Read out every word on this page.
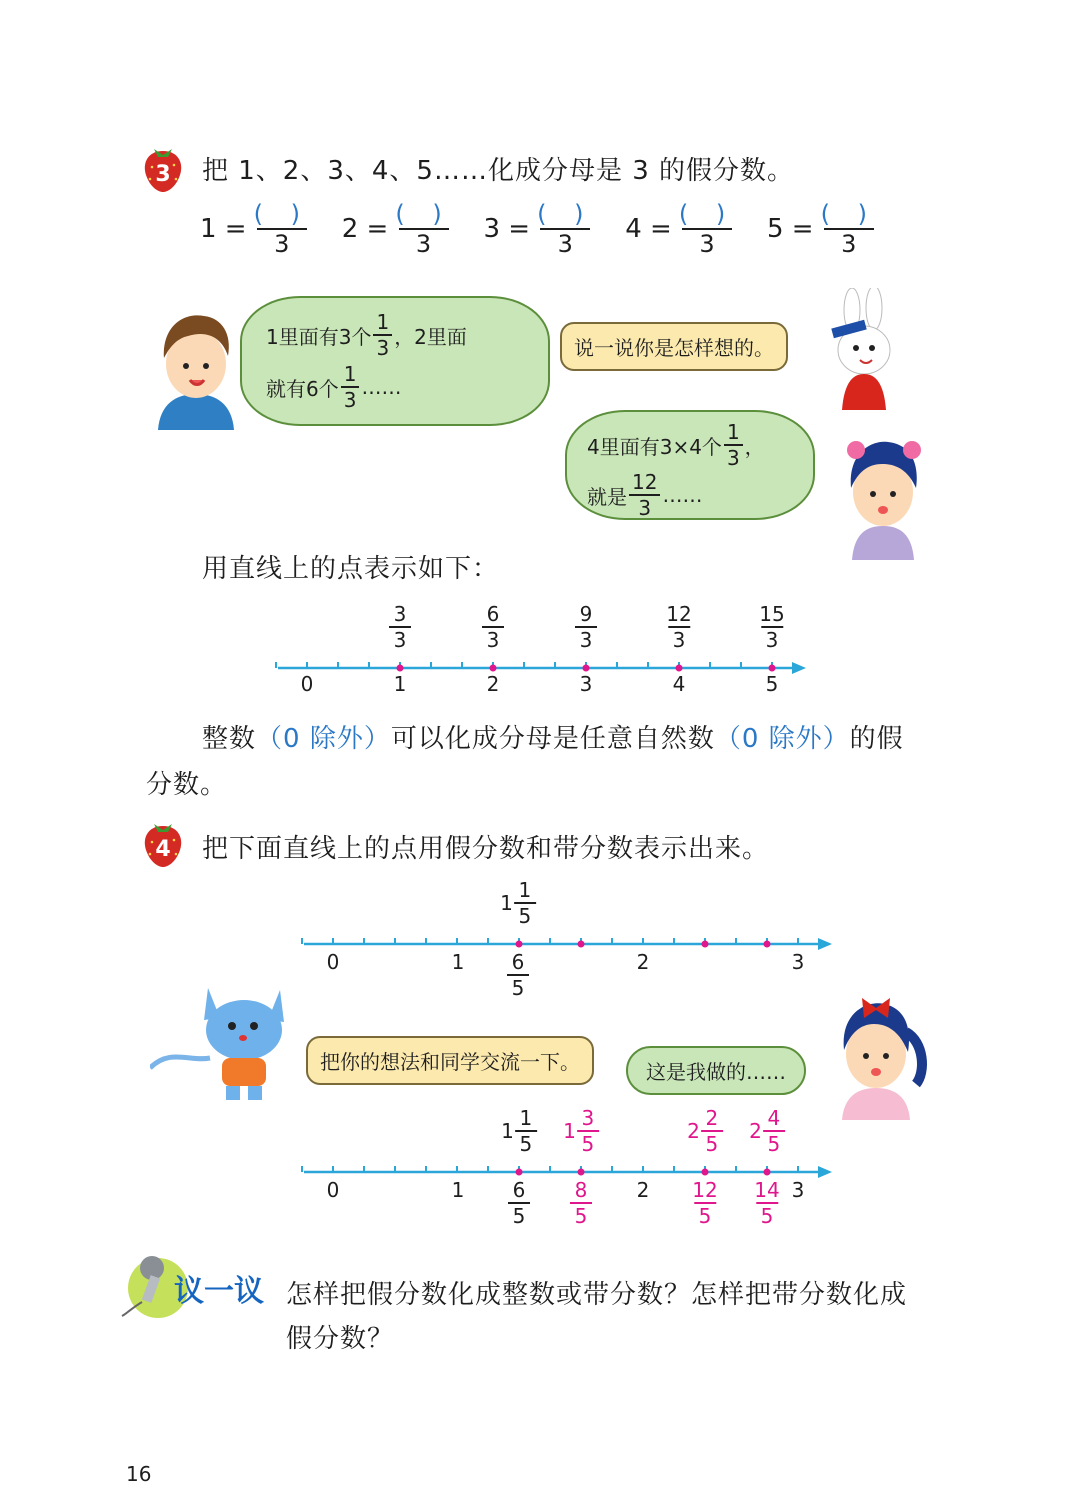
3 把 1、2、3、4、5……化成分母是 3 的假分数。
$1 = \frac{( )}{3} 2 = \frac{( )}{3} 3 = \frac{( )}{3} 4 = \frac{( )}{3} 5 = \frac{( )}{3}$
1里面有3个 $\frac{1}{3}$ ，2里面
就有6个 $\frac{1}{3}$ ……
说一说你是怎样想的。
4里面有3×4个 $\frac{1}{3}$ ，
就是 $\frac{12}{3}$ ……
用直线上的点表示如下：
$\frac{3}{3}$	$\frac{6}{3}$	$\frac{9}{3}$	$\frac{12}{3}$	$\frac{15}{3}$
0	1	2	3	4	5
整数（0 除外）可以化成分母是任意自然数（0 除外）的假
分数。
4 把下面直线上的点用假分数和带分数表示出来。
0	1	2	3
$1 \frac{1}{5}$
$\frac{6}{5}$
把你的想法和同学交流一下。	这是我做的……
0	1	2	3
$1 \frac{1}{5} 1 \frac{3}{5}$	$2 \frac{2}{5} 2 \frac{4}{5}$
$\frac{6}{5} \frac{8}{5}$	$\frac{12}{5} \frac{14}{5}$
议一议 怎样把假分数化成整数或带分数？怎样把带分数化成
假分数？
16
